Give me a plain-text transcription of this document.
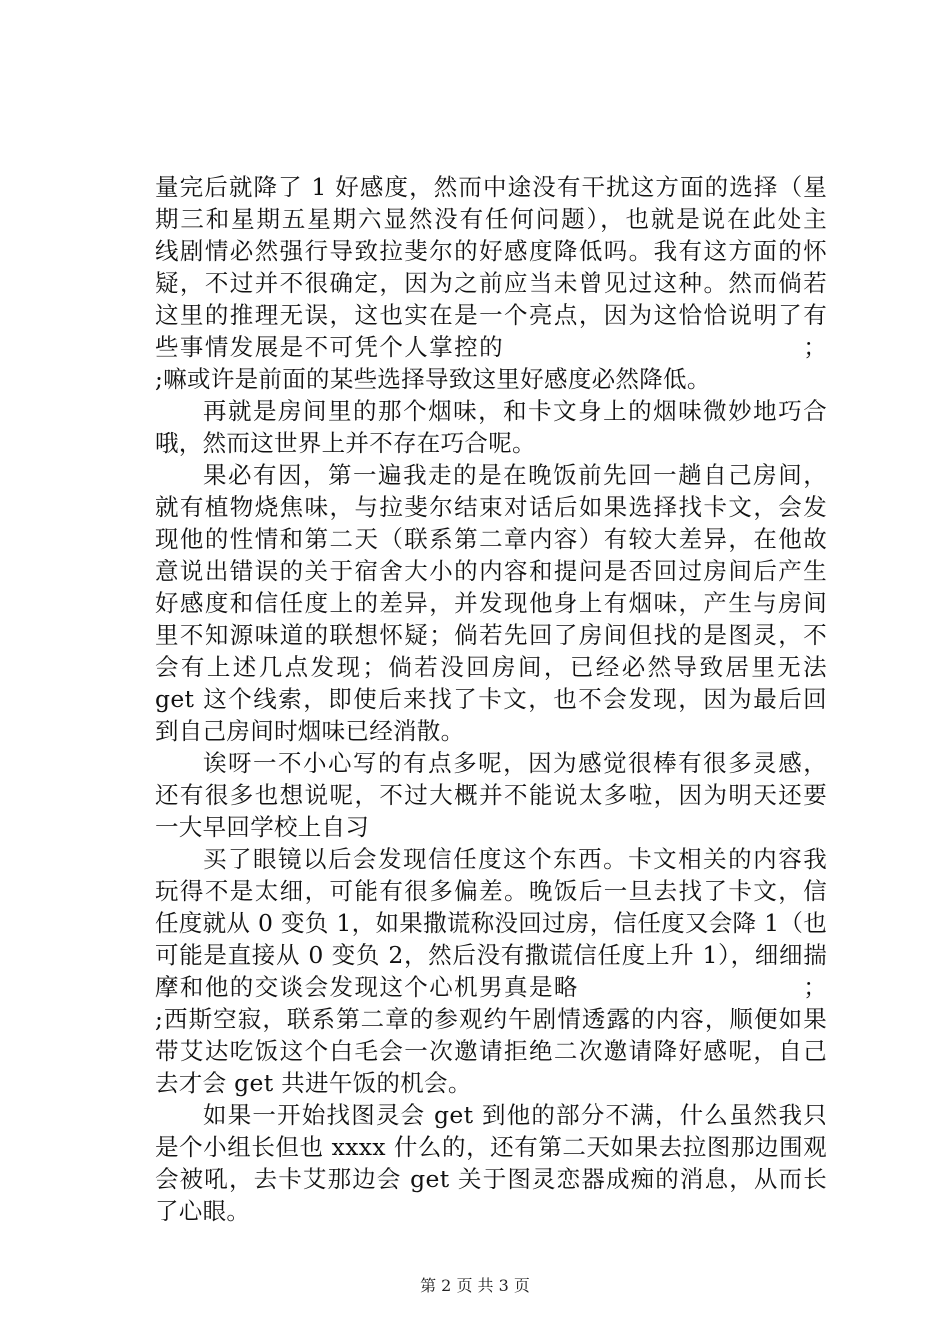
量完后就降了 1 好感度，然而中途没有干扰这方面的选择（星
期三和星期五星期六显然没有任何问题），也就是说在此处主
线剧情必然强行导致拉斐尔的好感度降低吗。我有这方面的怀
疑，不过并不很确定，因为之前应当未曾见过这种。然而倘若
这里的推理无误，这也实在是一个亮点，因为这恰恰说明了有
些事情发展是不可凭个人掌控的　　　　　　　　　　　　；
;嘛或许是前面的某些选择导致这里好感度必然降低。

再就是房间里的那个烟味，和卡文身上的烟味微妙地巧合
哦，然而这世界上并不存在巧合呢。

果必有因，第一遍我走的是在晚饭前先回一趟自己房间，
就有植物烧焦味，与拉斐尔结束对话后如果选择找卡文，会发
现他的性情和第二天（联系第二章内容）有较大差异，在他故
意说出错误的关于宿舍大小的内容和提问是否回过房间后产生
好感度和信任度上的差异，并发现他身上有烟味，产生与房间
里不知源味道的联想怀疑；倘若先回了房间但找的是图灵，不
会有上述几点发现；倘若没回房间，已经必然导致居里无法
get 这个线索，即使后来找了卡文，也不会发现，因为最后回
到自己房间时烟味已经消散。

诶呀一不小心写的有点多呢，因为感觉很棒有很多灵感，
还有很多也想说呢，不过大概并不能说太多啦，因为明天还要
一大早回学校上自习

买了眼镜以后会发现信任度这个东西。卡文相关的内容我
玩得不是太细，可能有很多偏差。晚饭后一旦去找了卡文，信
任度就从 0 变负 1，如果撒谎称没回过房，信任度又会降 1（也
可能是直接从 0 变负 2，然后没有撒谎信任度上升 1），细细揣
摩和他的交谈会发现这个心机男真是略　　　　　　　　　；
;西斯空寂，联系第二章的参观约午剧情透露的内容，顺便如果
带艾达吃饭这个白毛会一次邀请拒绝二次邀请降好感呢，自己
去才会 get 共进午饭的机会。

如果一开始找图灵会 get 到他的部分不满，什么虽然我只
是个小组长但也 xxxx 什么的，还有第二天如果去拉图那边围观
会被吼，去卡艾那边会 get 关于图灵恋器成痴的消息，从而长
了心眼。

第 2 页 共 3 页
